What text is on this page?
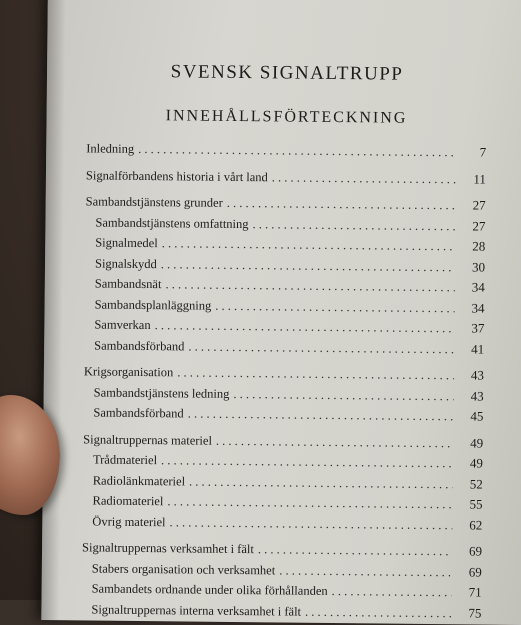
SVENSK SIGNALTRUPP
INNEHÅLLSFÖRTECKNING
Inledning . . .	7
Signalförbandens historia i vårt land . . .	11
Sambandstjänstens grunder . . .	27
Sambandstjänstens omfattning . . .	27
Signalmedel . . .	28
Signalskydd . . .	30
Sambandsnät . . .	34
Sambandsplanläggning . . .	34
Samverkan . . .	37
Sambandsförband . . .	41
Krigsorganisation . . .	43
Sambandstjänstens ledning . . .	43
Sambandsförband . . .	45
Signaltruppernas materiel . . .	49
Trådmateriel . . .	49
Radiolänkmateriel . . .	52
Radiomateriel . . .	55
Övrig materiel . . .	62
Signaltruppernas verksamhet i fält . . .	69
Stabers organisation och verksamhet . . .	69
Sambandets ordnande under olika förhållanden . . .	71
Signaltruppernas interna verksamhet i fält . . .	75
